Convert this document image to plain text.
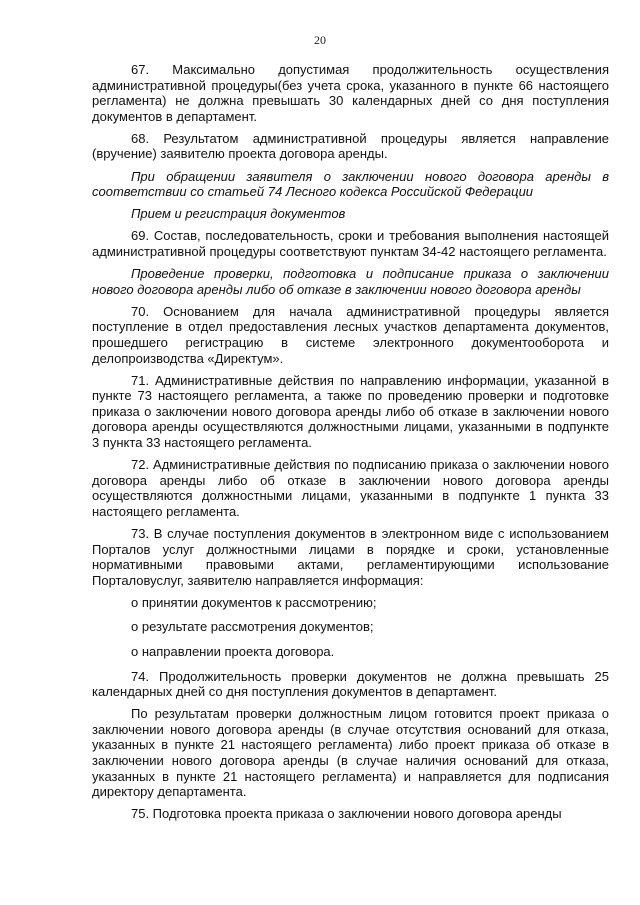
20

67. Максимально допустимая продолжительность осуществления административной процедуры(без учета срока, указанного в пункте 66 настоящего регламента) не должна превышать 30 календарных дней со дня поступления документов в департамент.

68. Результатом административной процедуры является направление (вручение) заявителю проекта договора аренды.

При обращении заявителя о заключении нового договора аренды в соответствии со статьей 74 Лесного кодекса Российской Федерации

Прием и регистрация документов

69. Состав, последовательность, сроки и требования выполнения настоящей административной процедуры соответствуют пунктам 34-42 настоящего регламента.

Проведение проверки, подготовка и подписание приказа о заключении нового договора аренды либо об отказе в заключении нового договора аренды

70. Основанием для начала административной процедуры является поступление в отдел предоставления лесных участков департамента документов, прошедшего регистрацию в системе электронного документооборота и делопроизводства «Директум».

71. Административные действия по направлению информации, указанной в пункте 73 настоящего регламента, а также по проведению проверки и подготовке приказа о заключении нового договора аренды либо об отказе в заключении нового договора аренды осуществляются должностными лицами, указанными в подпункте 3 пункта 33 настоящего регламента.

72. Административные действия по подписанию приказа о заключении нового договора аренды либо об отказе в заключении нового договора аренды осуществляются должностными лицами, указанными в подпункте 1 пункта 33 настоящего регламента.

73. В случае поступления документов в электронном виде с использованием Порталов услуг должностными лицами в порядке и сроки, установленные нормативными правовыми актами, регламентирующими использование Порталовуслуг, заявителю направляется информация:

о принятии документов к рассмотрению;

о результате рассмотрения документов;

о направлении проекта договора.

74. Продолжительность проверки документов не должна превышать 25 календарных дней со дня поступления документов в департамент.

По результатам проверки должностным лицом готовится проект приказа о заключении нового договора аренды (в случае отсутствия оснований для отказа, указанных в пункте 21 настоящего регламента) либо проект приказа об отказе в заключении нового договора аренды (в случае наличия оснований для отказа, указанных в пункте 21 настоящего регламента) и направляется для подписания директору департамента.

75. Подготовка проекта приказа о заключении нового договора аренды
